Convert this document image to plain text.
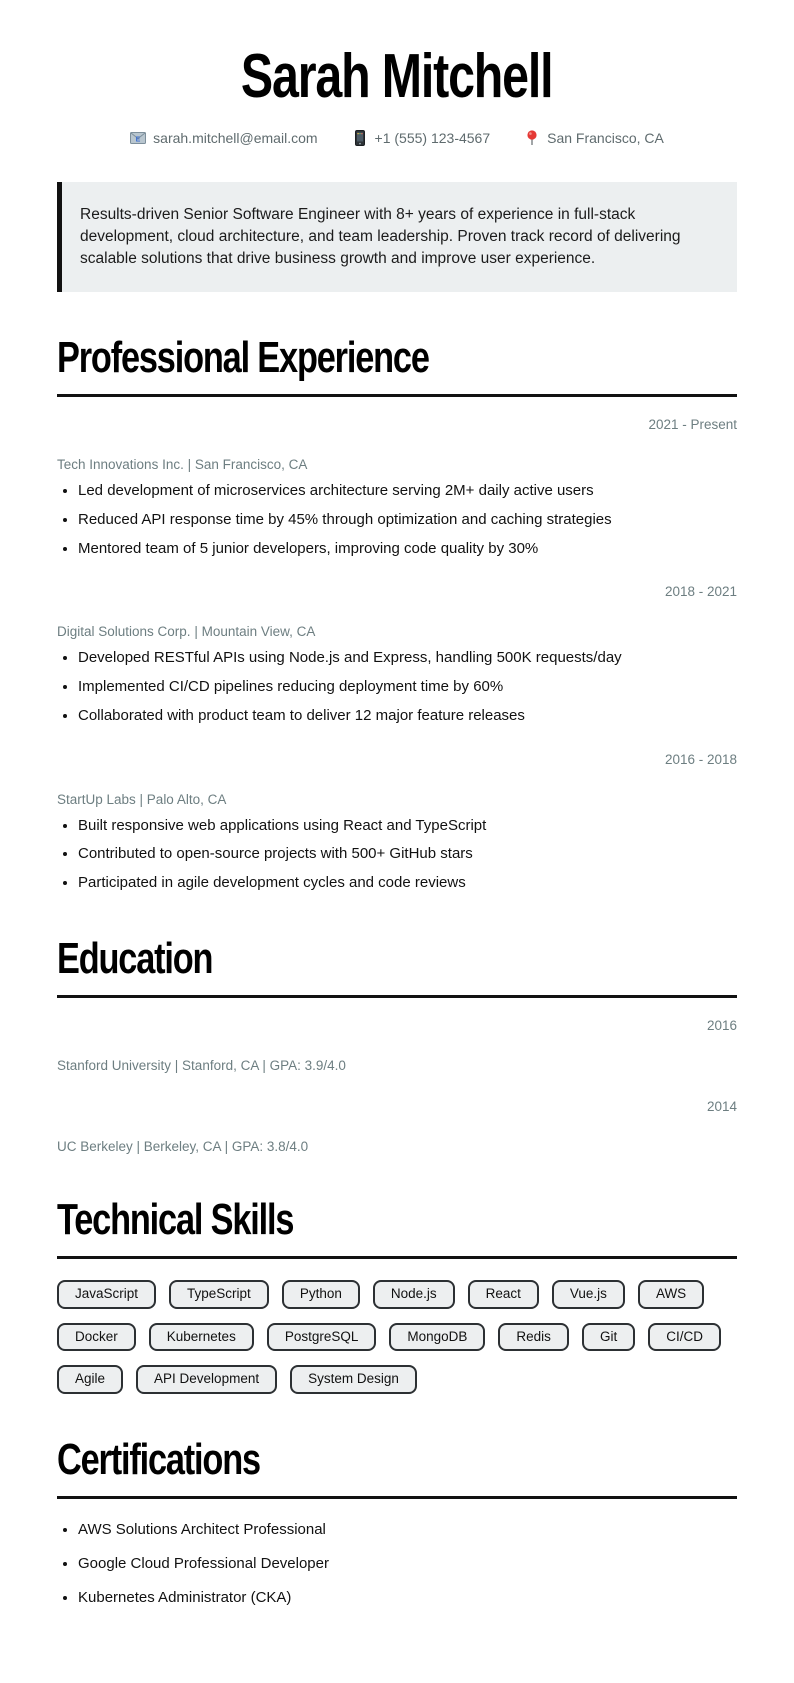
Sarah Mitchell
E sarah.mitchell@email.com	+1 (555) 123-4567	San Francisco, CA
Results-driven Senior Software Engineer with 8+ years of experience in full-stack development, cloud architecture, and team leadership. Proven track record of delivering scalable solutions that drive business growth and improve user experience.
Professional Experience
2021 - Present
Tech Innovations Inc. | San Francisco, CA
• Led development of microservices architecture serving 2M+ daily active users
• Reduced API response time by 45% through optimization and caching strategies
• Mentored team of 5 junior developers, improving code quality by 30%
2018 - 2021
Digital Solutions Corp. | Mountain View, CA
• Developed RESTful APIs using Node.js and Express, handling 500K requests/day
• Implemented CI/CD pipelines reducing deployment time by 60%
• Collaborated with product team to deliver 12 major feature releases
2016 - 2018
StartUp Labs | Palo Alto, CA
• Built responsive web applications using React and TypeScript
• Contributed to open-source projects with 500+ GitHub stars
• Participated in agile development cycles and code reviews
Education
2016
Stanford University | Stanford, CA | GPA: 3.9/4.0
2014
UC Berkeley | Berkeley, CA | GPA: 3.8/4.0
Technical Skills
JavaScript	TypeScript	Python	Node.js	React	Vue.js	AWS
Docker	Kubernetes	PostgreSQL	MongoDB	Redis	Git	CI/CD
Agile	API Development	System Design
Certifications
• AWS Solutions Architect Professional
• Google Cloud Professional Developer
• Kubernetes Administrator (CKA)
